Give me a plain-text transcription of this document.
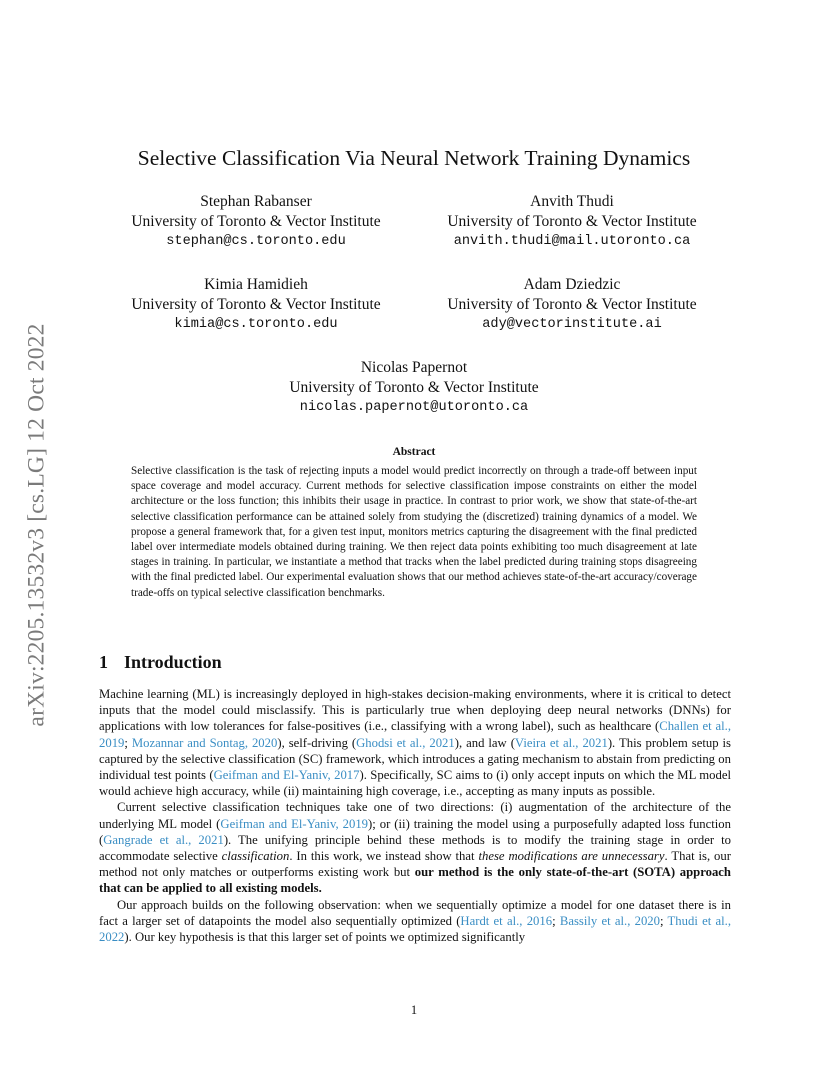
arXiv:2205.13532v3 [cs.LG] 12 Oct 2022
Selective Classification Via Neural Network Training Dynamics
Stephan Rabanser
University of Toronto & Vector Institute
stephan@cs.toronto.edu
Anvith Thudi
University of Toronto & Vector Institute
anvith.thudi@mail.utoronto.ca
Kimia Hamidieh
University of Toronto & Vector Institute
kimia@cs.toronto.edu
Adam Dziedzic
University of Toronto & Vector Institute
ady@vectorinstitute.ai
Nicolas Papernot
University of Toronto & Vector Institute
nicolas.papernot@utoronto.ca
Abstract
Selective classification is the task of rejecting inputs a model would predict incorrectly on through a trade-off between input space coverage and model accuracy. Current methods for selective classification impose constraints on either the model architecture or the loss function; this inhibits their usage in practice. In contrast to prior work, we show that state-of-the-art selective classification performance can be attained solely from studying the (discretized) training dynamics of a model. We propose a general framework that, for a given test input, monitors metrics capturing the disagreement with the final predicted label over intermediate models obtained during training. We then reject data points exhibiting too much disagreement at late stages in training. In particular, we instantiate a method that tracks when the label predicted during training stops disagreeing with the final predicted label. Our experimental evaluation shows that our method achieves state-of-the-art accuracy/coverage trade-offs on typical selective classification benchmarks.
1 Introduction

Machine learning (ML) is increasingly deployed in high-stakes decision-making environments, where it is critical to detect inputs that the model could misclassify. This is particularly true when deploying deep neural networks (DNNs) for applications with low tolerances for false-positives (i.e., classifying with a wrong label), such as healthcare (Challen et al., 2019; Mozannar and Sontag, 2020), self-driving (Ghodsi et al., 2021), and law (Vieira et al., 2021). This problem setup is captured by the selective classification (SC) framework, which introduces a gating mechanism to abstain from predicting on individual test points (Geifman and El-Yaniv, 2017). Specifically, SC aims to (i) only accept inputs on which the ML model would achieve high accuracy, while (ii) maintaining high coverage, i.e., accepting as many inputs as possible.

Current selective classification techniques take one of two directions: (i) augmentation of the architecture of the underlying ML model (Geifman and El-Yaniv, 2019); or (ii) training the model using a purposefully adapted loss function (Gangrade et al., 2021). The unifying principle behind these methods is to modify the training stage in order to accommodate selective classification. In this work, we instead show that these modifications are unnecessary. That is, our method not only matches or outperforms existing work but our method is the only state-of-the-art (SOTA) approach that can be applied to all existing models.

Our approach builds on the following observation: when we sequentially optimize a model for one dataset there is in fact a larger set of datapoints the model also sequentially optimized (Hardt et al., 2016; Bassily et al., 2020; Thudi et al., 2022). Our key hypothesis is that this larger set of points we optimized significantly

1
